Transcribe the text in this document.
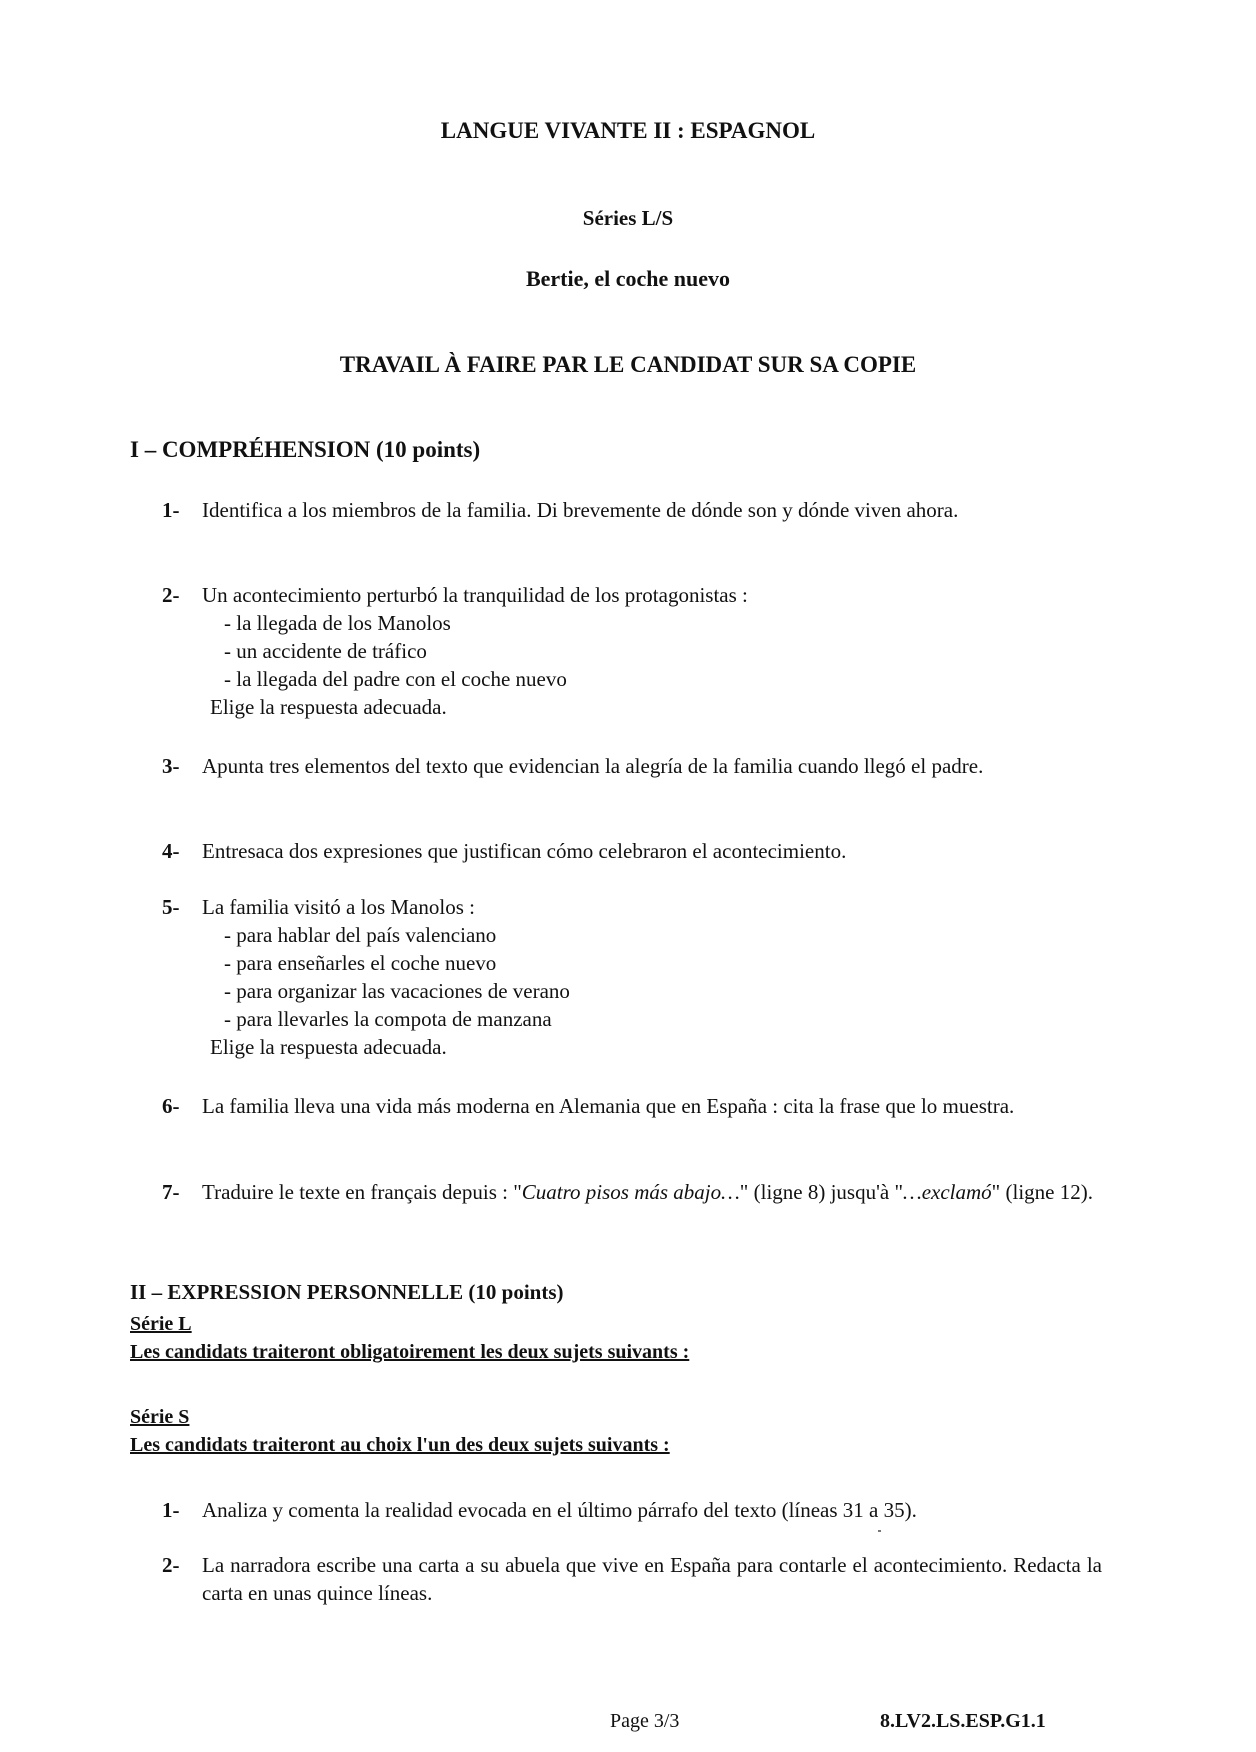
LANGUE VIVANTE II : ESPAGNOL
Séries L/S
Bertie, el coche nuevo
TRAVAIL À FAIRE PAR LE CANDIDAT SUR SA COPIE
I – COMPRÉHENSION (10 points)
1- Identifica a los miembros de la familia. Di brevemente de dónde son y dónde viven ahora.
2- Un acontecimiento perturbó la tranquilidad de los protagonistas :
- la llegada de los Manolos
- un accidente de tráfico
- la llegada del padre con el coche nuevo
Elige la respuesta adecuada.
3- Apunta tres elementos del texto que evidencian la alegría de la familia cuando llegó el padre.
4- Entresaca dos expresiones que justifican cómo celebraron el acontecimiento.
5- La familia visitó a los Manolos :
- para hablar del país valenciano
- para enseñarles el coche nuevo
- para organizar las vacaciones de verano
- para llevarles la compota de manzana
Elige la respuesta adecuada.
6- La familia lleva una vida más moderna en Alemania que en España : cita la frase que lo muestra.
7- Traduire le texte en français depuis : "Cuatro pisos más abajo…" (ligne 8) jusqu'à "…exclamó" (ligne 12).
II – EXPRESSION PERSONNELLE (10 points)
Série L
Les candidats traiteront obligatoirement les deux sujets suivants :
Série S
Les candidats traiteront au choix l'un des deux sujets suivants :
1- Analiza y comenta la realidad evocada en el último párrafo del texto (líneas 31 a 35).
2- La narradora escribe una carta a su abuela que vive en España para contarle el acontecimiento. Redacta la carta en unas quince líneas.
Page 3/3	8.LV2.LS.ESP.G1.1
